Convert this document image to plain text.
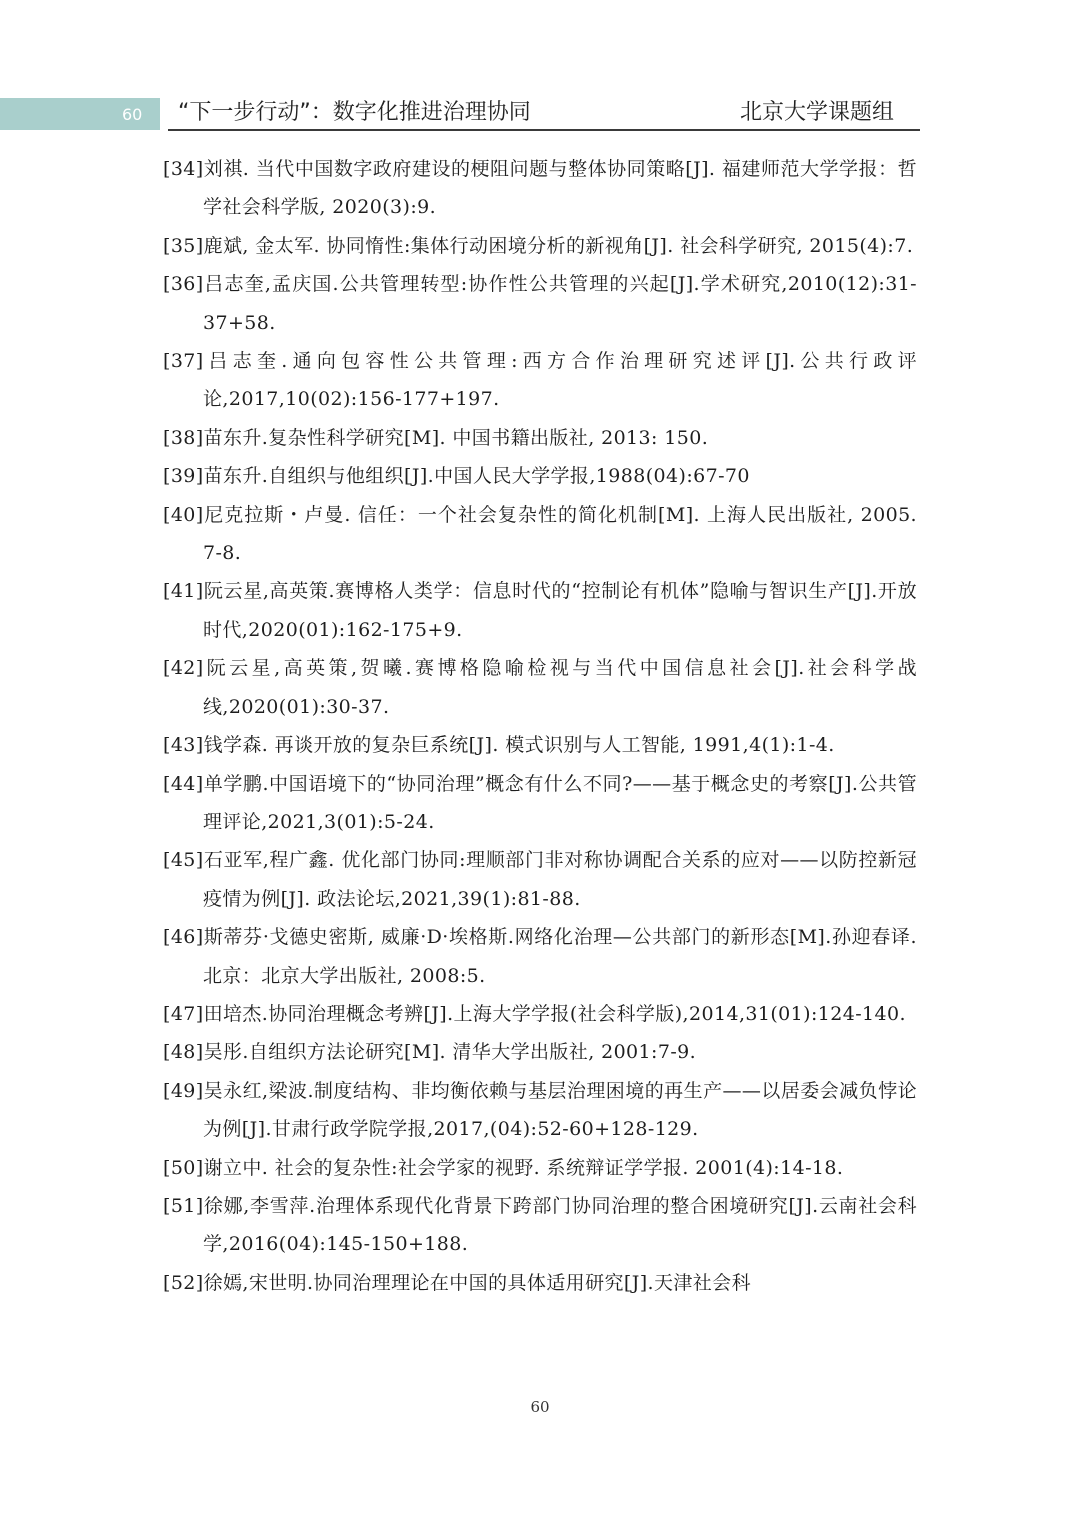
60 “下一步行动”：数字化推进治理协同	北京大学课题组
[34]刘祺. 当代中国数字政府建设的梗阻问题与整体协同策略[J]. 福建师范大学学报：哲学社会科学版, 2020(3):9.
[35]鹿斌, 金太军. 协同惰性:集体行动困境分析的新视角[J]. 社会科学研究, 2015(4):7.
[36]吕志奎,孟庆国.公共管理转型:协作性公共管理的兴起[J].学术研究,2010(12):31-37+58.
[37]吕志奎.通向包容性公共管理:西方合作治理研究述评[J].公共行政评论,2017,10(02):156-177+197.
[38]苗东升.复杂性科学研究[M]. 中国书籍出版社, 2013: 150.
[39]苗东升.自组织与他组织[J].中国人民大学学报,1988(04):67-70
[40]尼克拉斯・卢曼. 信任：一个社会复杂性的简化机制[M]. 上海人民出版社, 2005. 7-8.
[41]阮云星,高英策.赛博格人类学：信息时代的“控制论有机体”隐喻与智识生产[J].开放时代,2020(01):162-175+9.
[42]阮云星,高英策,贺曦.赛博格隐喻检视与当代中国信息社会[J].社会科学战线,2020(01):30-37.
[43]钱学森. 再谈开放的复杂巨系统[J]. 模式识别与人工智能, 1991,4(1):1-4.
[44]单学鹏.中国语境下的“协同治理”概念有什么不同?——基于概念史的考察[J].公共管理评论,2021,3(01):5-24.
[45]石亚军,程广鑫. 优化部门协同:理顺部门非对称协调配合关系的应对——以防控新冠疫情为例[J]. 政法论坛,2021,39(1):81-88.
[46]斯蒂芬·戈德史密斯, 威廉·D·埃格斯.网络化治理—公共部门的新形态[M].孙迎春译.北京：北京大学出版社, 2008:5.
[47]田培杰.协同治理概念考辨[J].上海大学学报(社会科学版),2014,31(01):124-140.
[48]吴彤.自组织方法论研究[M]. 清华大学出版社, 2001:7-9.
[49]吴永红,梁波.制度结构、非均衡依赖与基层治理困境的再生产——以居委会减负悖论为例[J].甘肃行政学院学报,2017,(04):52-60+128-129.
[50]谢立中. 社会的复杂性:社会学家的视野. 系统辩证学学报. 2001(4):14-18.
[51]徐娜,李雪萍.治理体系现代化背景下跨部门协同治理的整合困境研究[J].云南社会科学,2016(04):145-150+188.
[52]徐嫣,宋世明.协同治理理论在中国的具体适用研究[J].天津社会科
60
